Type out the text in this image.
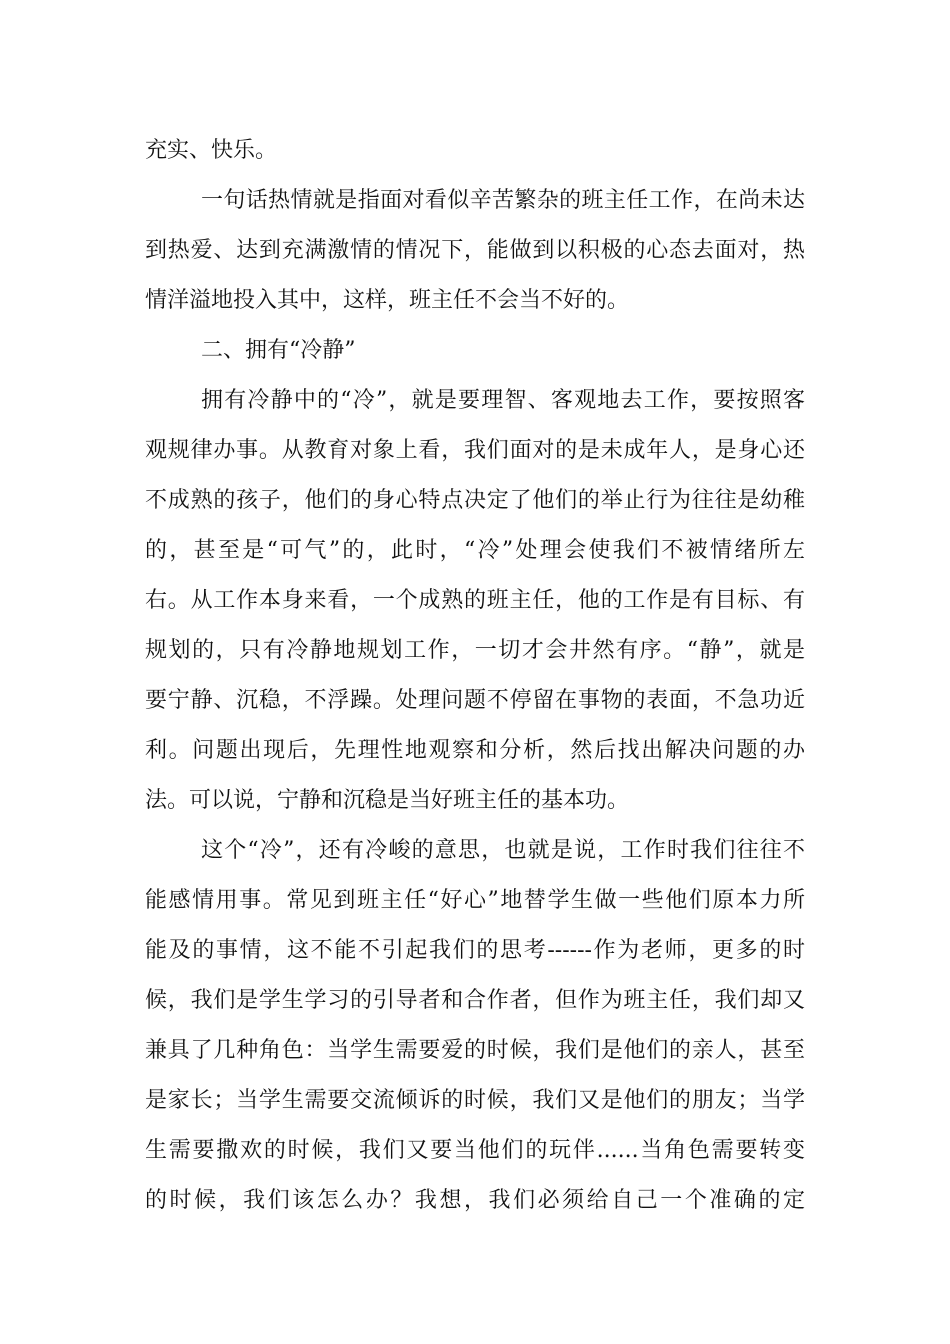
充实、快乐。
一句话热情就是指面对看似辛苦繁杂的班主任工作，在尚未达
到热爱、达到充满激情的情况下，能做到以积极的心态去面对，热
情洋溢地投入其中，这样，班主任不会当不好的。
二、拥有“冷静”
拥有冷静中的“冷”，就是要理智、客观地去工作，要按照客
观规律办事。从教育对象上看，我们面对的是未成年人，是身心还
不成熟的孩子，他们的身心特点决定了他们的举止行为往往是幼稚
的，甚至是“可气”的，此时，“冷”处理会使我们不被情绪所左
右。从工作本身来看，一个成熟的班主任，他的工作是有目标、有
规划的，只有冷静地规划工作，一切才会井然有序。“静”，就是
要宁静、沉稳，不浮躁。处理问题不停留在事物的表面，不急功近
利。问题出现后，先理性地观察和分析，然后找出解决问题的办
法。可以说，宁静和沉稳是当好班主任的基本功。
这个“冷”，还有冷峻的意思，也就是说，工作时我们往往不
能感情用事。常见到班主任“好心”地替学生做一些他们原本力所
能及的事情，这不能不引起我们的思考------作为老师，更多的时
候，我们是学生学习的引导者和合作者，但作为班主任，我们却又
兼具了几种角色：当学生需要爱的时候，我们是他们的亲人，甚至
是家长；当学生需要交流倾诉的时候，我们又是他们的朋友；当学
生需要撒欢的时候，我们又要当他们的玩伴......当角色需要转变
的时候，我们该怎么办？我想，我们必须给自己一个准确的定
